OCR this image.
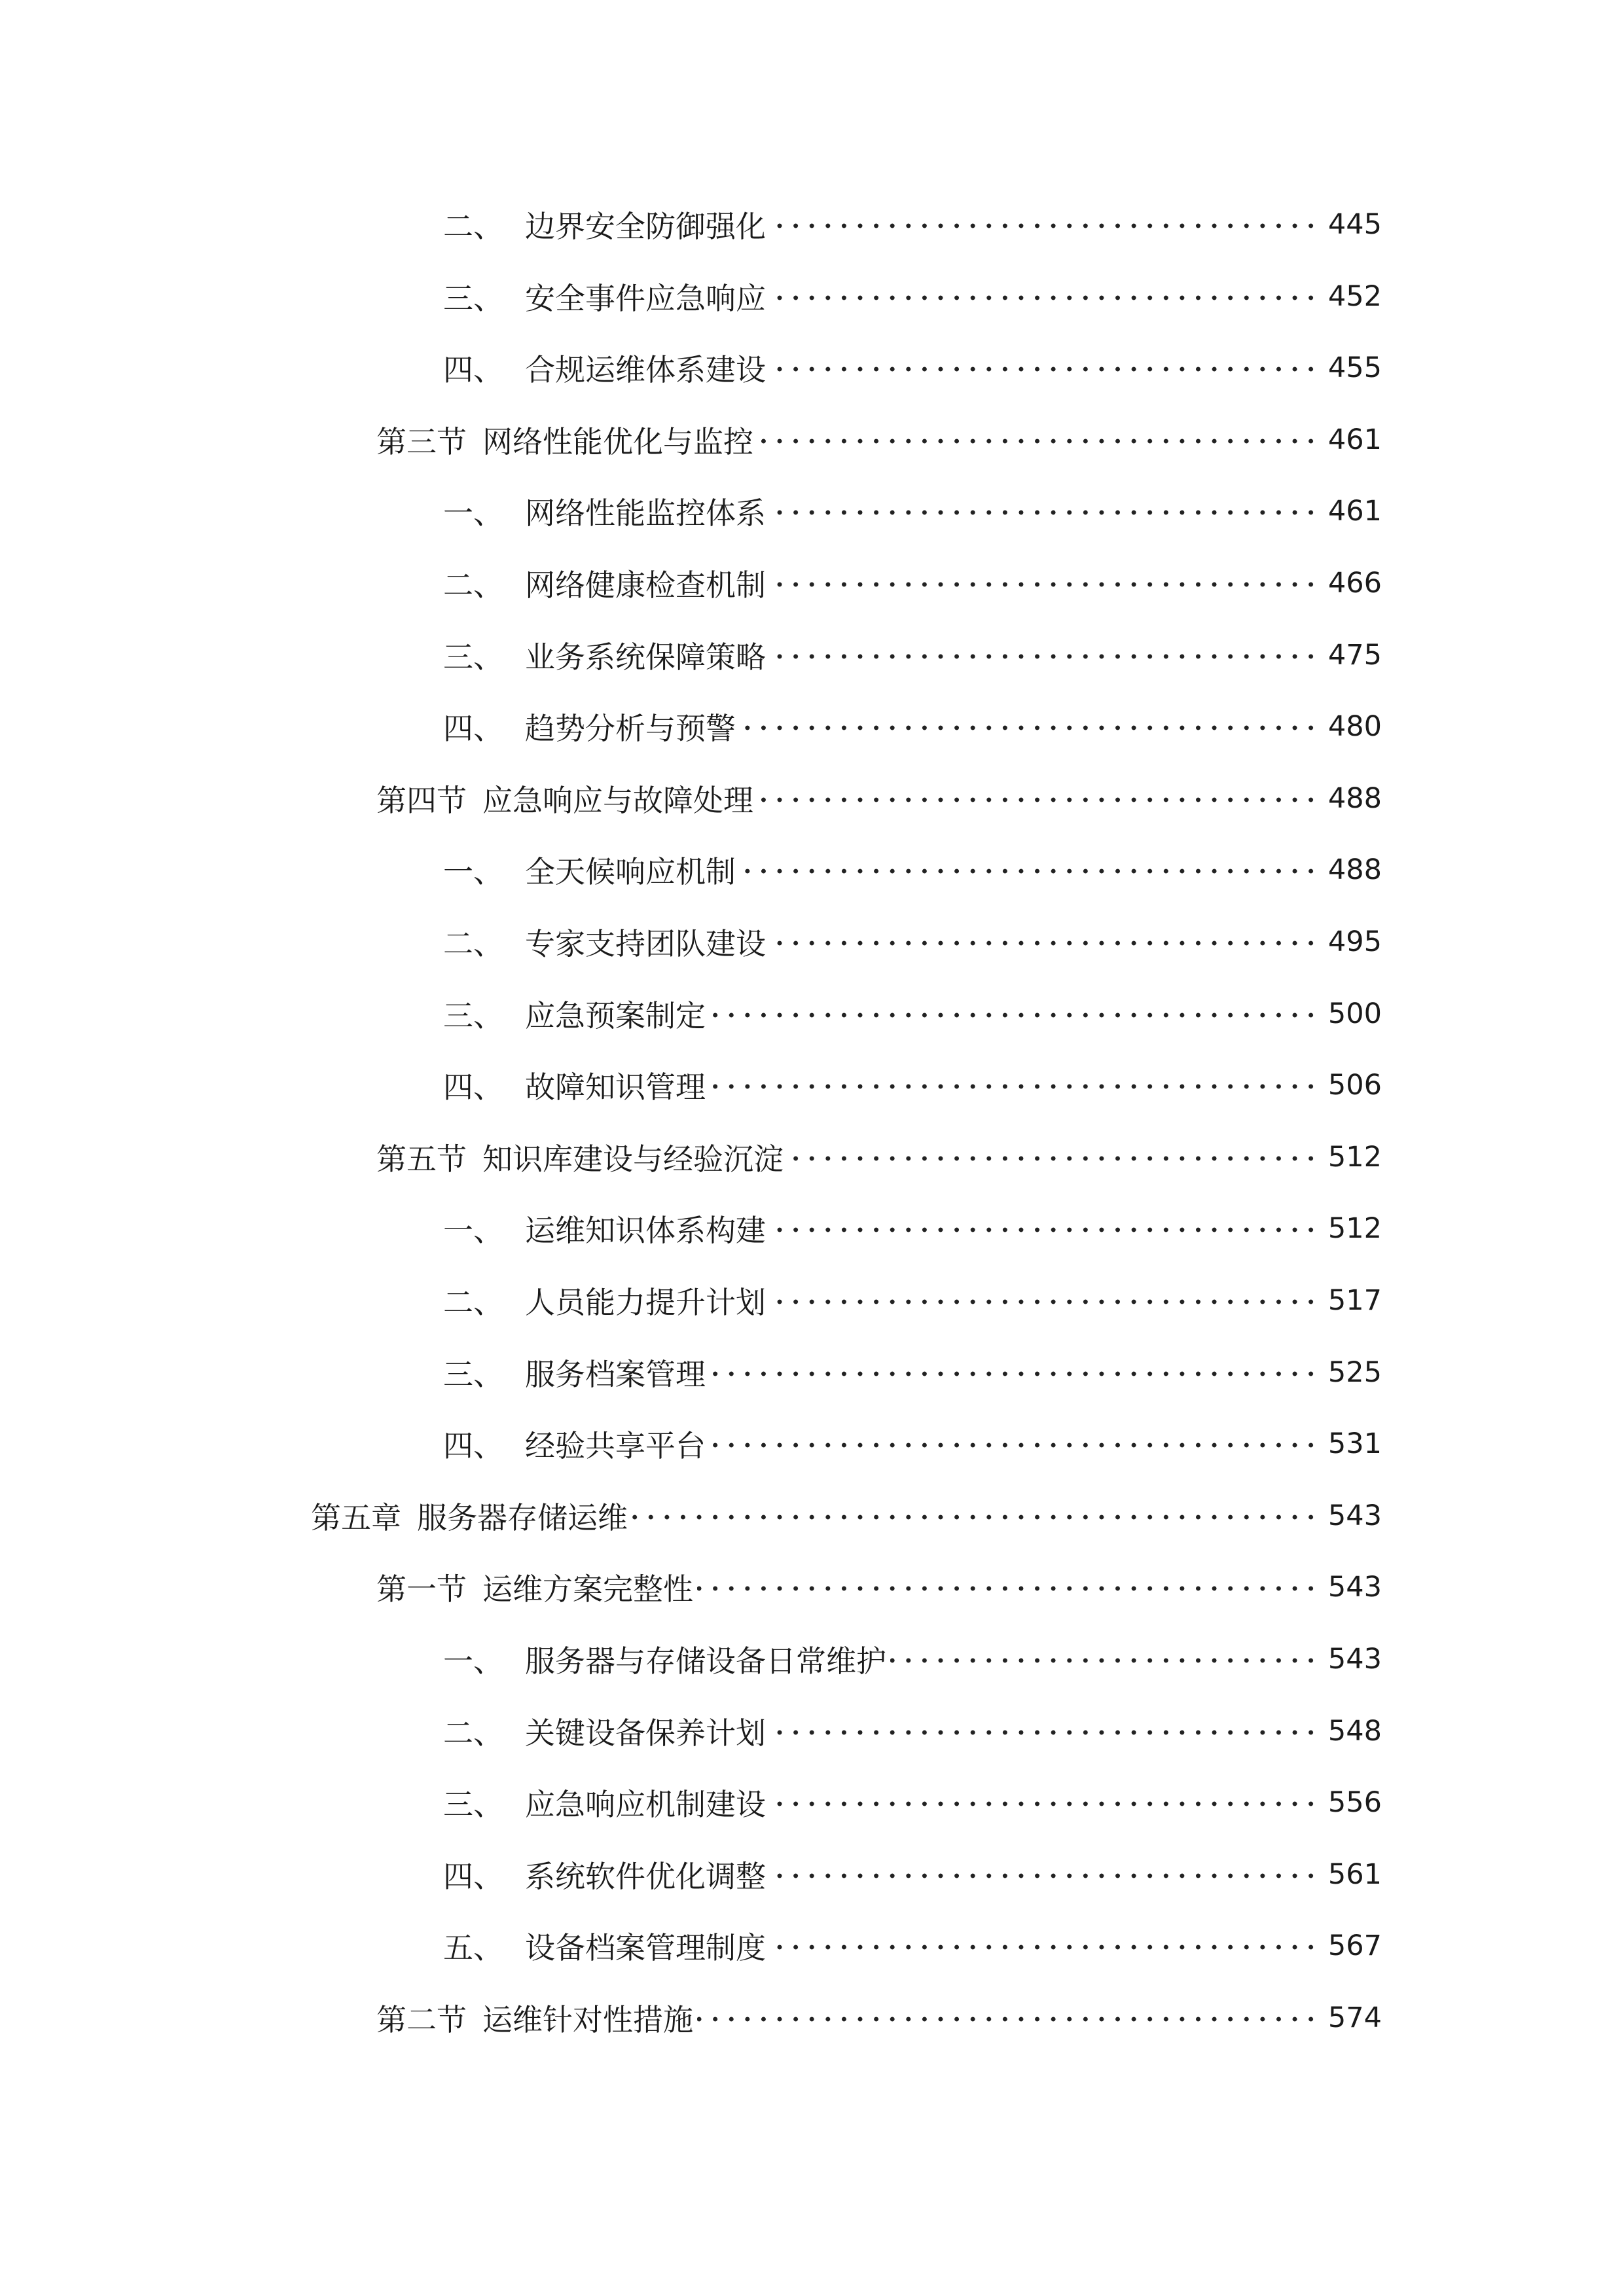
二、 边界安全防御强化	445
三、 安全事件应急响应	452
四、 合规运维体系建设	455
第三节 网络性能优化与监控	461
一、 网络性能监控体系	461
二、 网络健康检查机制	466
三、 业务系统保障策略	475
四、 趋势分析与预警	480
第四节 应急响应与故障处理	488
一、 全天候响应机制	488
二、 专家支持团队建设	495
三、 应急预案制定	500
四、 故障知识管理	506
第五节 知识库建设与经验沉淀	512
一、 运维知识体系构建	512
二、 人员能力提升计划	517
三、 服务档案管理	525
四、 经验共享平台	531
第五章 服务器存储运维	543
第一节 运维方案完整性	543
一、 服务器与存储设备日常维护	543
二、 关键设备保养计划	548
三、 应急响应机制建设	556
四、 系统软件优化调整	561
五、 设备档案管理制度	567
第二节 运维针对性措施	574
